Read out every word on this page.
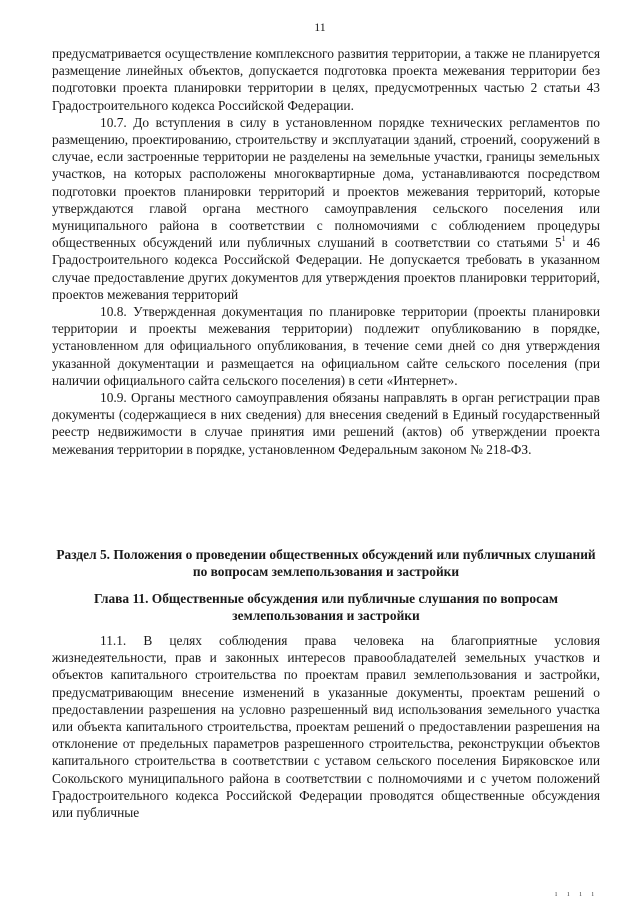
11

предусматривается осуществление комплексного развития территории, а также не планируется размещение линейных объектов, допускается подготовка проекта межевания территории без подготовки проекта планировки территории в целях, предусмотренных частью 2 статьи 43 Градостроительного кодекса Российской Федерации.

10.7. До вступления в силу в установленном порядке технических регламентов по размещению, проектированию, строительству и эксплуатации зданий, строений, сооружений в случае, если застроенные территории не разделены на земельные участки, границы земельных участков, на которых расположены многоквартирные дома, устанавливаются посредством подготовки проектов планировки территорий и проектов межевания территорий, которые утверждаются главой органа местного самоуправления сельского поселения или муниципального района в соответствии с полномочиями с соблюдением процедуры общественных обсуждений или публичных слушаний в соответствии со статьями $5^1$ и 46 Градостроительного кодекса Российской Федерации. Не допускается требовать в указанном случае предоставление других документов для утверждения проектов планировки территорий, проектов межевания территорий

10.8. Утвержденная документация по планировке территории (проекты планировки территории и проекты межевания территории) подлежит опубликованию в порядке, установленном для официального опубликования, в течение семи дней со дня утверждения указанной документации и размещается на официальном сайте сельского поселения (при наличии официального сайта сельского поселения) в сети «Интернет».

10.9. Органы местного самоуправления обязаны направлять в орган регистрации прав документы (содержащиеся в них сведения) для внесения сведений в Единый государственный реестр недвижимости в случае принятия ими решений (актов) об утверждении проекта межевания территории в порядке, установленном Федеральным законом № 218-ФЗ.

Раздел 5. Положения о проведении общественных обсуждений или публичных слушаний по вопросам землепользования и застройки
Глава 11. Общественные обсуждения или публичные слушания по вопросам землепользования и застройки

11.1. В целях соблюдения права человека на благоприятные условия жизнедеятельности, прав и законных интересов правообладателей земельных участков и объектов капитального строительства по проектам правил землепользования и застройки, предусматривающим внесение изменений в указанные документы, проектам решений о предоставлении разрешения на условно разрешенный вид использования земельного участка или объекта капитального строительства, проектам решений о предоставлении разрешения на отклонение от предельных параметров разрешенного строительства, реконструкции объектов капитального строительства в соответствии с уставом сельского поселения Бирякoвское или Сокольского муниципального района в соответствии с полномочиями и с учетом положений Градостроительного кодекса Российской Федерации проводятся общественные обсуждения или публичные

ı ı ı ı
